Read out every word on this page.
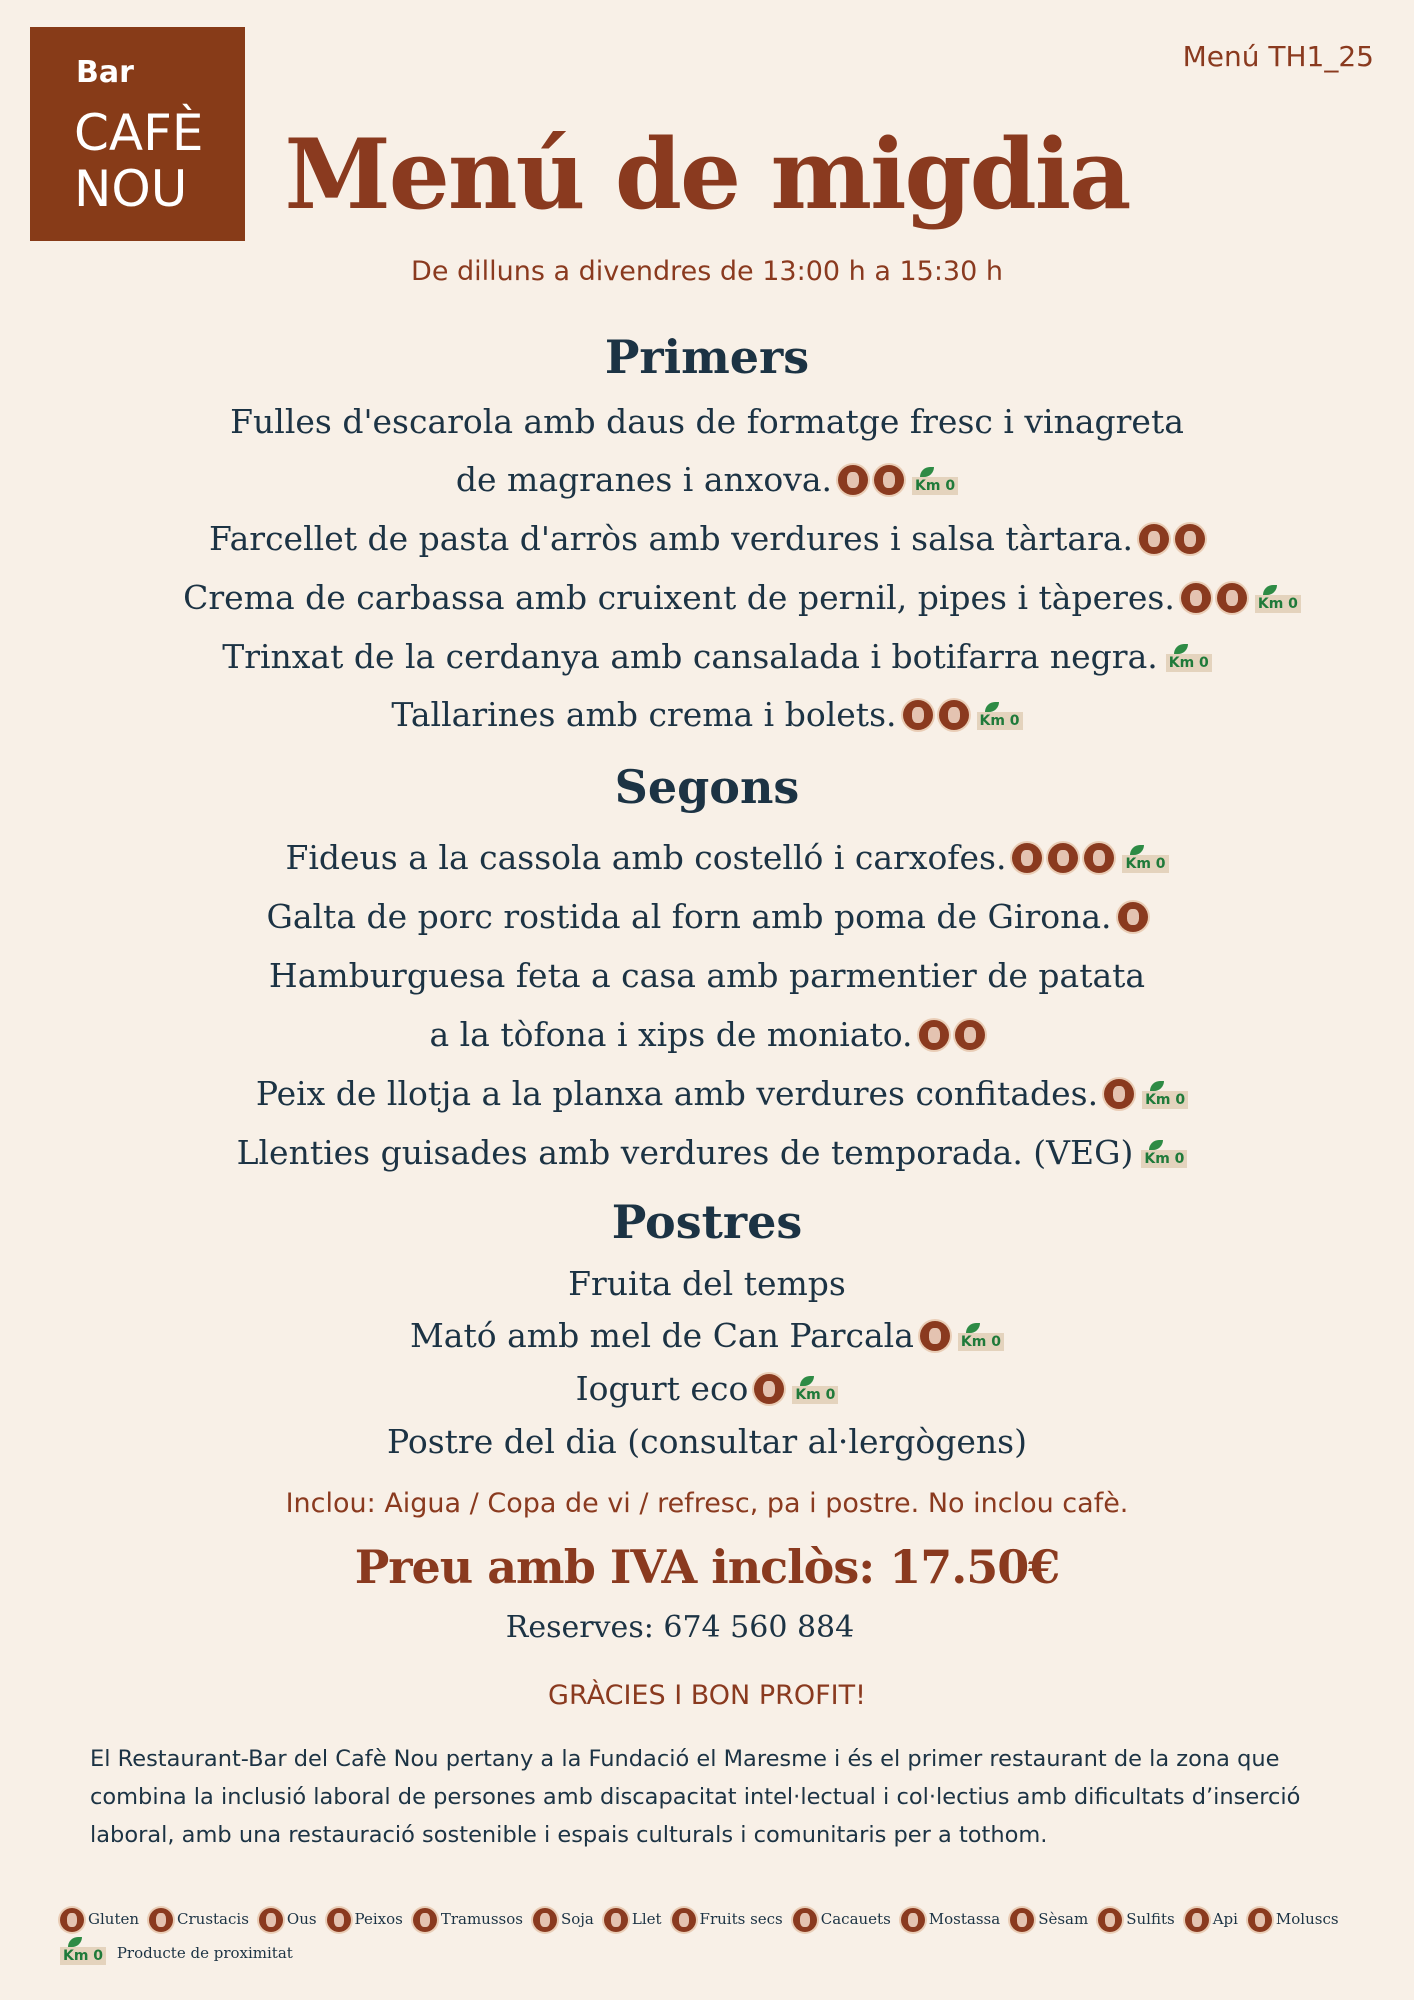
Bar
CAFÈ
NOU
Menú TH1_25
Menú de migdia
De dilluns a divendres de 13:00 h a 15:30 h
Primers
Fulles d'escarola amb daus de formatge fresc i vinagreta
de magranes i anxova.	Km 0
Farcellet de pasta d'arròs amb verdures i salsa tàrtara.
Crema de carbassa amb cruixent de pernil, pipes i tàperes.	Km 0
Trinxat de la cerdanya amb cansalada i botifarra negra. Km 0
Tallarines amb crema i bolets.	Km 0
Segons
Fideus a la cassola amb costelló i carxofes.	Km 0
Galta de porc rostida al forn amb poma de Girona.
Hamburguesa feta a casa amb parmentier de patata
a la tòfona i xips de moniato.
Peix de llotja a la planxa amb verdures confitades.	Km 0
Llenties guisades amb verdures de temporada. (VEG) Km 0
Postres
Fruita del temps
Mató amb mel de Can Parcala	Km 0
Iogurt eco	Km 0
Postre del dia (consultar al·lergògens)
Inclou: Aigua / Copa de vi / refresc, pa i postre. No inclou cafè.
Preu amb IVA inclòs: 17.50€
Reserves: 674 560 884
GRÀCIES I BON PROFIT!
El Restaurant-Bar del Cafè Nou pertany a la Fundació el Maresme i és el primer restaurant de la zona que
combina la inclusió laboral de persones amb discapacitat intel·lectual i col·lectius amb dificultats d’inserció
laboral, amb una restauració sostenible i espais culturals i comunitaris per a tothom.
Gluten	Crustacis	Ous	Peixos	Tramussos	Soja	Llet	Fruits secs	Cacauets	Mostassa	Sèsam	Sulfits	Api	Moluscs
Km 0 Producte de proximitat
